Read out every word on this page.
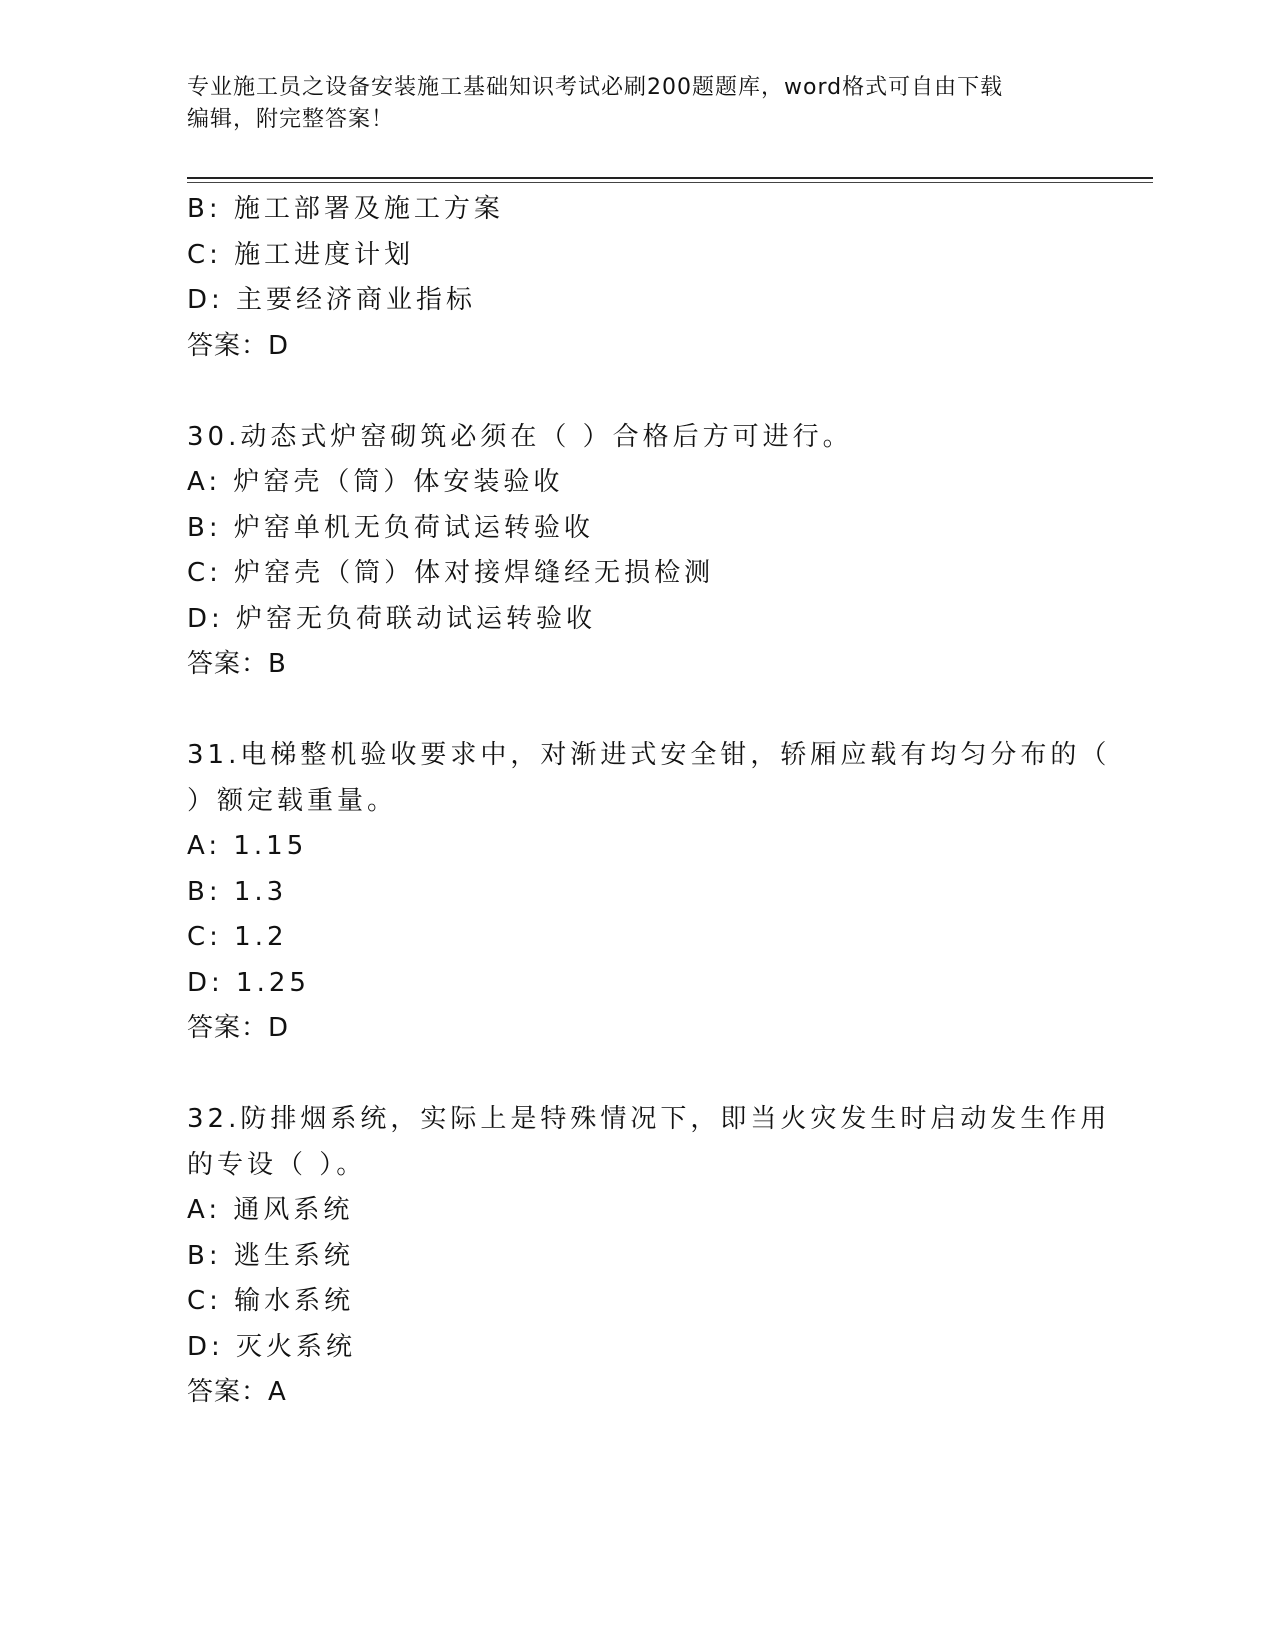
专业施工员之设备安装施工基础知识考试必刷200题题库，word格式可自由下载
编辑，附完整答案！
B: 施工部署及施工方案
C: 施工进度计划
D: 主要经济商业指标
答案：D
30.动态式炉窑砌筑必须在（ ）合格后方可进行。
A: 炉窑壳（筒）体安装验收
B: 炉窑单机无负荷试运转验收
C: 炉窑壳（筒）体对接焊缝经无损检测
D: 炉窑无负荷联动试运转验收
答案：B
31.电梯整机验收要求中，对渐进式安全钳，轿厢应载有均匀分布的（
）额定载重量。
A: 1.15
B: 1.3
C: 1.2
D: 1.25
答案：D
32.防排烟系统，实际上是特殊情况下，即当火灾发生时启动发生作用
的专设（ ）。
A: 通风系统
B: 逃生系统
C: 输水系统
D: 灭火系统
答案：A
